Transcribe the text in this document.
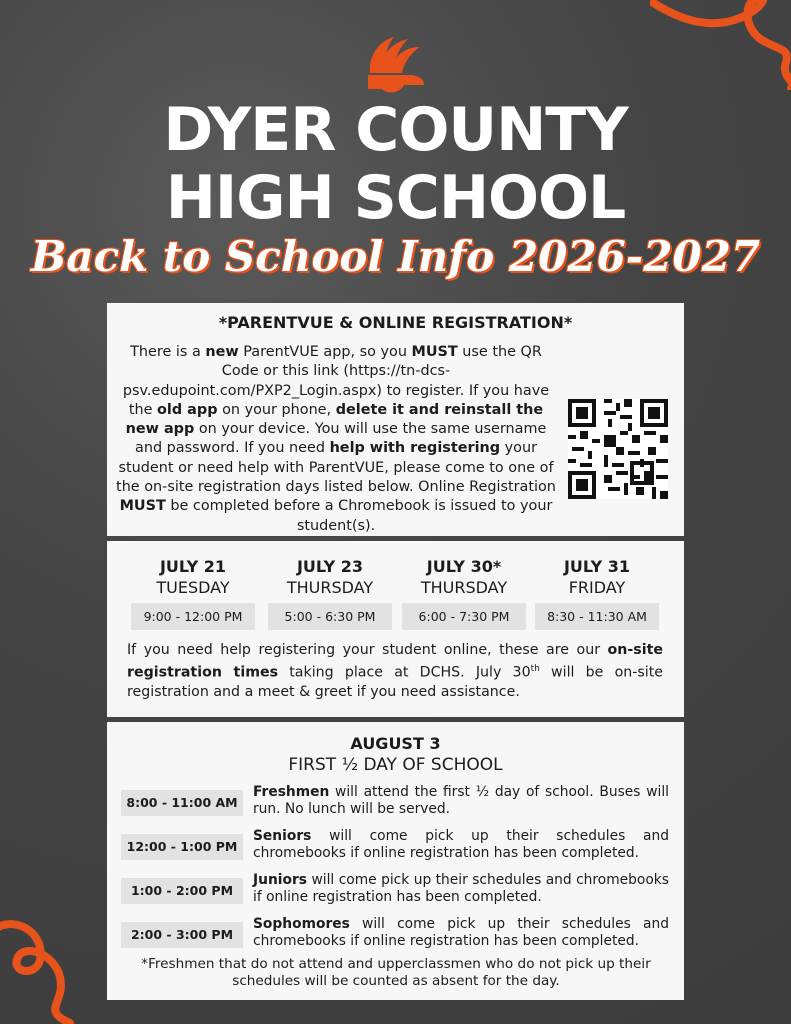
DYER COUNTY
HIGH SCHOOL
Back to School Info 2026-2027
*PARENTVUE & ONLINE REGISTRATION*
There is a new ParentVUE app, so you MUST use the QR Code or this link (https://tn-dcs-psv.edupoint.com/PXP2_Login.aspx) to register. If you have the old app on your phone, delete it and reinstall the new app on your device. You will use the same username and password. If you need help with registering your student or need help with ParentVUE, please come to one of the on-site registration days listed below. Online Registration MUST be completed before a Chromebook is issued to your student(s).
JULY 21
TUESDAY
9:00 - 12:00 PM
JULY 23
THURSDAY
5:00 - 6:30 PM
JULY 30*
THURSDAY
6:00 - 7:30 PM
JULY 31
FRIDAY
8:30 - 11:30 AM
If you need help registering your student online, these are our on-site registration times taking place at DCHS. July 30th will be on-site registration and a meet & greet if you need assistance.
AUGUST 3
FIRST ½ DAY OF SCHOOL
8:00 - 11:00 AM
Freshmen will attend the first ½ day of school. Buses will run. No lunch will be served.
12:00 - 1:00 PM
Seniors will come pick up their schedules and chromebooks if online registration has been completed.
1:00 - 2:00 PM
Juniors will come pick up their schedules and chromebooks if online registration has been completed.
2:00 - 3:00 PM
Sophomores will come pick up their schedules and chromebooks if online registration has been completed.
*Freshmen that do not attend and upperclassmen who do not pick up their schedules will be counted as absent for the day.
